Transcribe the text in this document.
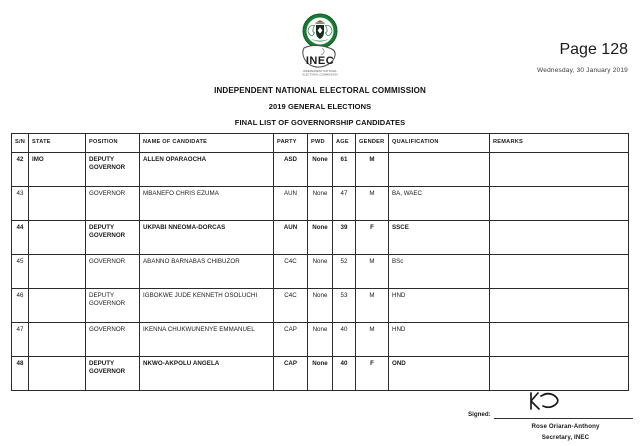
Page 128
Wednesday, 30 January 2019
INEC
INDEPENDENT NATIONAL
ELECTORAL COMMISSION
INDEPENDENT NATIONAL ELECTORAL COMMISSION
2019 GENERAL ELECTIONS
FINAL LIST OF GOVERNORSHIP CANDIDATES
S/N	STATE	POSITION	NAME OF CANDIDATE	PARTY	PWD	AGE	GENDER	QUALIFICATION	REMARKS
42	IMO	DEPUTY GOVERNOR	ALLEN OPARAOCHA	ASD	None	61	M		
43		GOVERNOR	MBANEFO CHRIS EZUMA	AUN	None	47	M	BA, WAEC	
44		DEPUTY GOVERNOR	UKPABI NNEOMA-DORCAS	AUN	None	39	F	SSCE	
45		GOVERNOR	ABANNO BARNABAS CHIBUZOR	C4C	None	52	M	BSc	
46		DEPUTY GOVERNOR	IGBOKWE JUDE KENNETH OSOLUCHI	C4C	None	53	M	HND	
47		GOVERNOR	IKENNA CHUKWUNENYE EMMANUEL	CAP	None	40	M	HND	
48		DEPUTY GOVERNOR	NKWO-AKPOLU ANGELA	CAP	None	40	F	OND	
Signed:
Rose Oriaran-Anthony
Secretary, INEC
